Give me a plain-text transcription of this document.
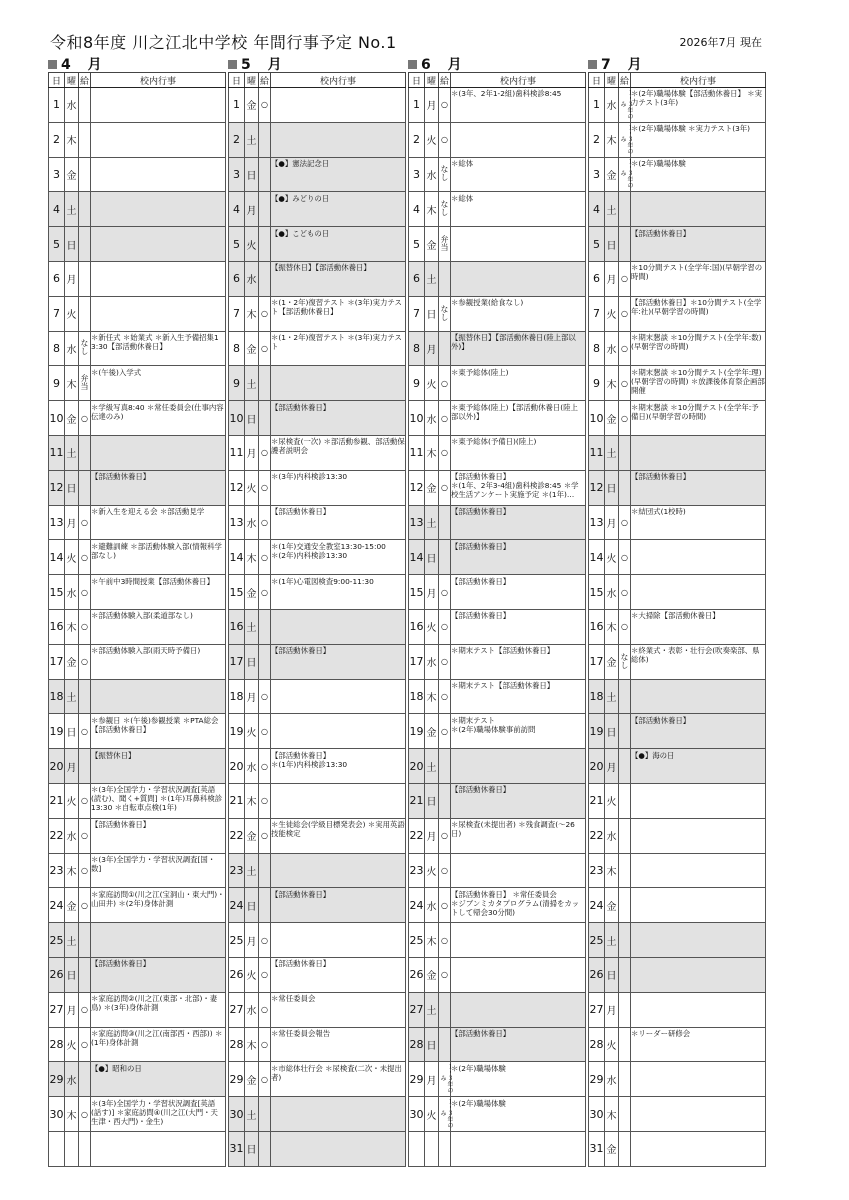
令和8年度 川之江北中学校 年間行事予定 No.1	2026年7月 現在
4 月
日	曜	給	校内行事
1	水		

2	木		

3	金		

4	土		

5	日		

6	月		

7	火		

8	水	なし	＊新任式 ＊始業式 ＊新入生予備招集13:30【部活動休養日】

9	木	弁当	＊(午後)入学式

10	金	○	＊学級写真8:40 ＊常任委員会(仕事内容伝達のみ)

11	土		

12	日		【部活動休養日】

13	月	○	＊新入生を迎える会 ＊部活動見学

14	火	○	＊避難訓練 ＊部活動体験入部(情報科学部なし)

15	水	○	＊午前中3時間授業【部活動休養日】

16	木	○	＊部活動体験入部(柔道部なし)

17	金	○	＊部活動体験入部(雨天時予備日)

18	土		

19	日	○	＊参観日 ＊(午後)参観授業 ＊PTA総会【部活動休養日】

20	月		【振替休日】

21	火	○	＊(3年)全国学力・学習状況調査[英語(読む)、聞く+質問] ＊(1年)耳鼻科検診13:30 ＊自転車点検(1年)

22	水	○	【部活動休養日】

23	木	○	＊(3年)全国学力・学習状況調査[国・数]

24	金	○	＊家庭訪問①(川之江(宝洞山・東大門)・山田井) ＊(2年)身体計測

25	土		

26	日		【部活動休養日】

27	月	○	＊家庭訪問②(川之江(東部・北部)・妻鳥) ＊(3年)身体計測

28	火	○	＊家庭訪問③(川之江(南部西・西部)) ＊(1年)身体計測

29	水		【●】昭和の日

30	木	○	＊(3年)全国学力・学習状況調査[英語(話す)] ＊家庭訪問④(川之江(大門・天生津・西大門)・金生)

5 月
日	曜	給	校内行事
1	金	○	

2	土		

3	日		【●】憲法記念日

4	月		【●】みどりの日

5	火		【●】こどもの日

6	水		【振替休日】【部活動休養日】

7	木	○	＊(1・2年)復習テスト ＊(3年)実力テスト【部活動休養日】

8	金	○	＊(1・2年)復習テスト ＊(3年)実力テスト

9	土		

10	日		【部活動休養日】

11	月	○	＊尿検査(一次) ＊部活動参観、部活動保護者説明会

12	火	○	＊(3年)内科検診13:30

13	水	○	【部活動休養日】

14	木	○	＊(1年)交通安全教室13:30-15:00
＊(2年)内科検診13:30

15	金	○	＊(1年)心電図検査9:00-11:30

16	土		

17	日		【部活動休養日】

18	月	○	

19	火	○	

20	水	○	【部活動休養日】
＊(1年)内科検診13:30

21	木	○	

22	金	○	＊生徒総会(学級目標発表会) ＊実用英語技能検定

23	土		

24	日		【部活動休養日】

25	月	○	

26	火	○	【部活動休養日】

27	水	○	＊常任委員会

28	木	○	＊常任委員会報告

29	金	○	＊市総体壮行会 ＊尿検査(二次・未提出者)

30	土		

31	日		
6 月
日	曜	給	校内行事
1	月	○	＊(3年、2年1-2組)歯科検診8:45

2	火	○	

3	水	なし	＊総体

4	木	なし	＊総体

5	金	弁当	

6	土		

7	日	なし	＊参観授業(給食なし)

8	月		【振替休日】【部活動休養日(陸上部以外)】

9	火	○	＊東予総体(陸上)

10	水	○	＊東予総体(陸上)【部活動休養日(陸上部以外)】

11	木	○	＊東予総体(予備日)(陸上)

12	金	○	【部活動休養日】
＊(1年、2年3-4組)歯科検診8:45 ＊学校生活アンケート実施予定 ＊(1年)…

13	土		【部活動休養日】

14	日		【部活動休養日】

15	月	○	【部活動休養日】

16	火	○	【部活動休養日】

17	水	○	＊期末テスト【部活動休養日】

18	木	○	＊期末テスト【部活動休養日】

19	金	○	＊期末テスト
＊(2年)職場体験事前訪問

20	土		

21	日		【部活動休養日】

22	月	○	＊尿検査(未提出者) ＊残食調査(～26日)

23	火	○	

24	水	○	【部活動休養日】 ＊常任委員会
＊ジブンミカタプログラム(清掃をカットして帰会30分間)

25	木	○	

26	金	○	

27	土		

28	日		【部活動休養日】

29	月	１・３年のみ	＊(2年)職場体験

30	火	１・３年のみ	＊(2年)職場体験

7 月
日	曜	給	校内行事
1	水	１・３年のみ	＊(2年)職場体験【部活動休養日】 ＊実力テスト(3年)

2	木	１・３年のみ	＊(2年)職場体験 ＊実力テスト(3年)

3	金	１・３年のみ	＊(2年)職場体験

4	土		

5	日		【部活動休養日】

6	月	○	＊10分間テスト(全学年:国)(早朝学習の時間)

7	火	○	【部活動休養日】＊10分間テスト(全学年:社)(早朝学習の時間)

8	水	○	＊期末懇談 ＊10分間テスト(全学年:数)(早朝学習の時間)

9	木	○	＊期末懇談 ＊10分間テスト(全学年:理)(早朝学習の時間) ＊放課後体育祭企画部開催

10	金	○	＊期末懇談 ＊10分間テスト(全学年:予備日)(早朝学習の時間)

11	土		

12	日		【部活動休養日】

13	月	○	＊結団式(1校時)

14	火	○	

15	水	○	

16	木	○	＊大掃除【部活動休養日】

17	金	なし	＊終業式・表彰・壮行会(吹奏楽部、県総体)

18	土		

19	日		【部活動休養日】

20	月		【●】海の日

21	火		

22	水		

23	木		

24	金		

25	土		

26	日		

27	月		

28	火		＊リーダー研修会

29	水		

30	木		

31	金		
